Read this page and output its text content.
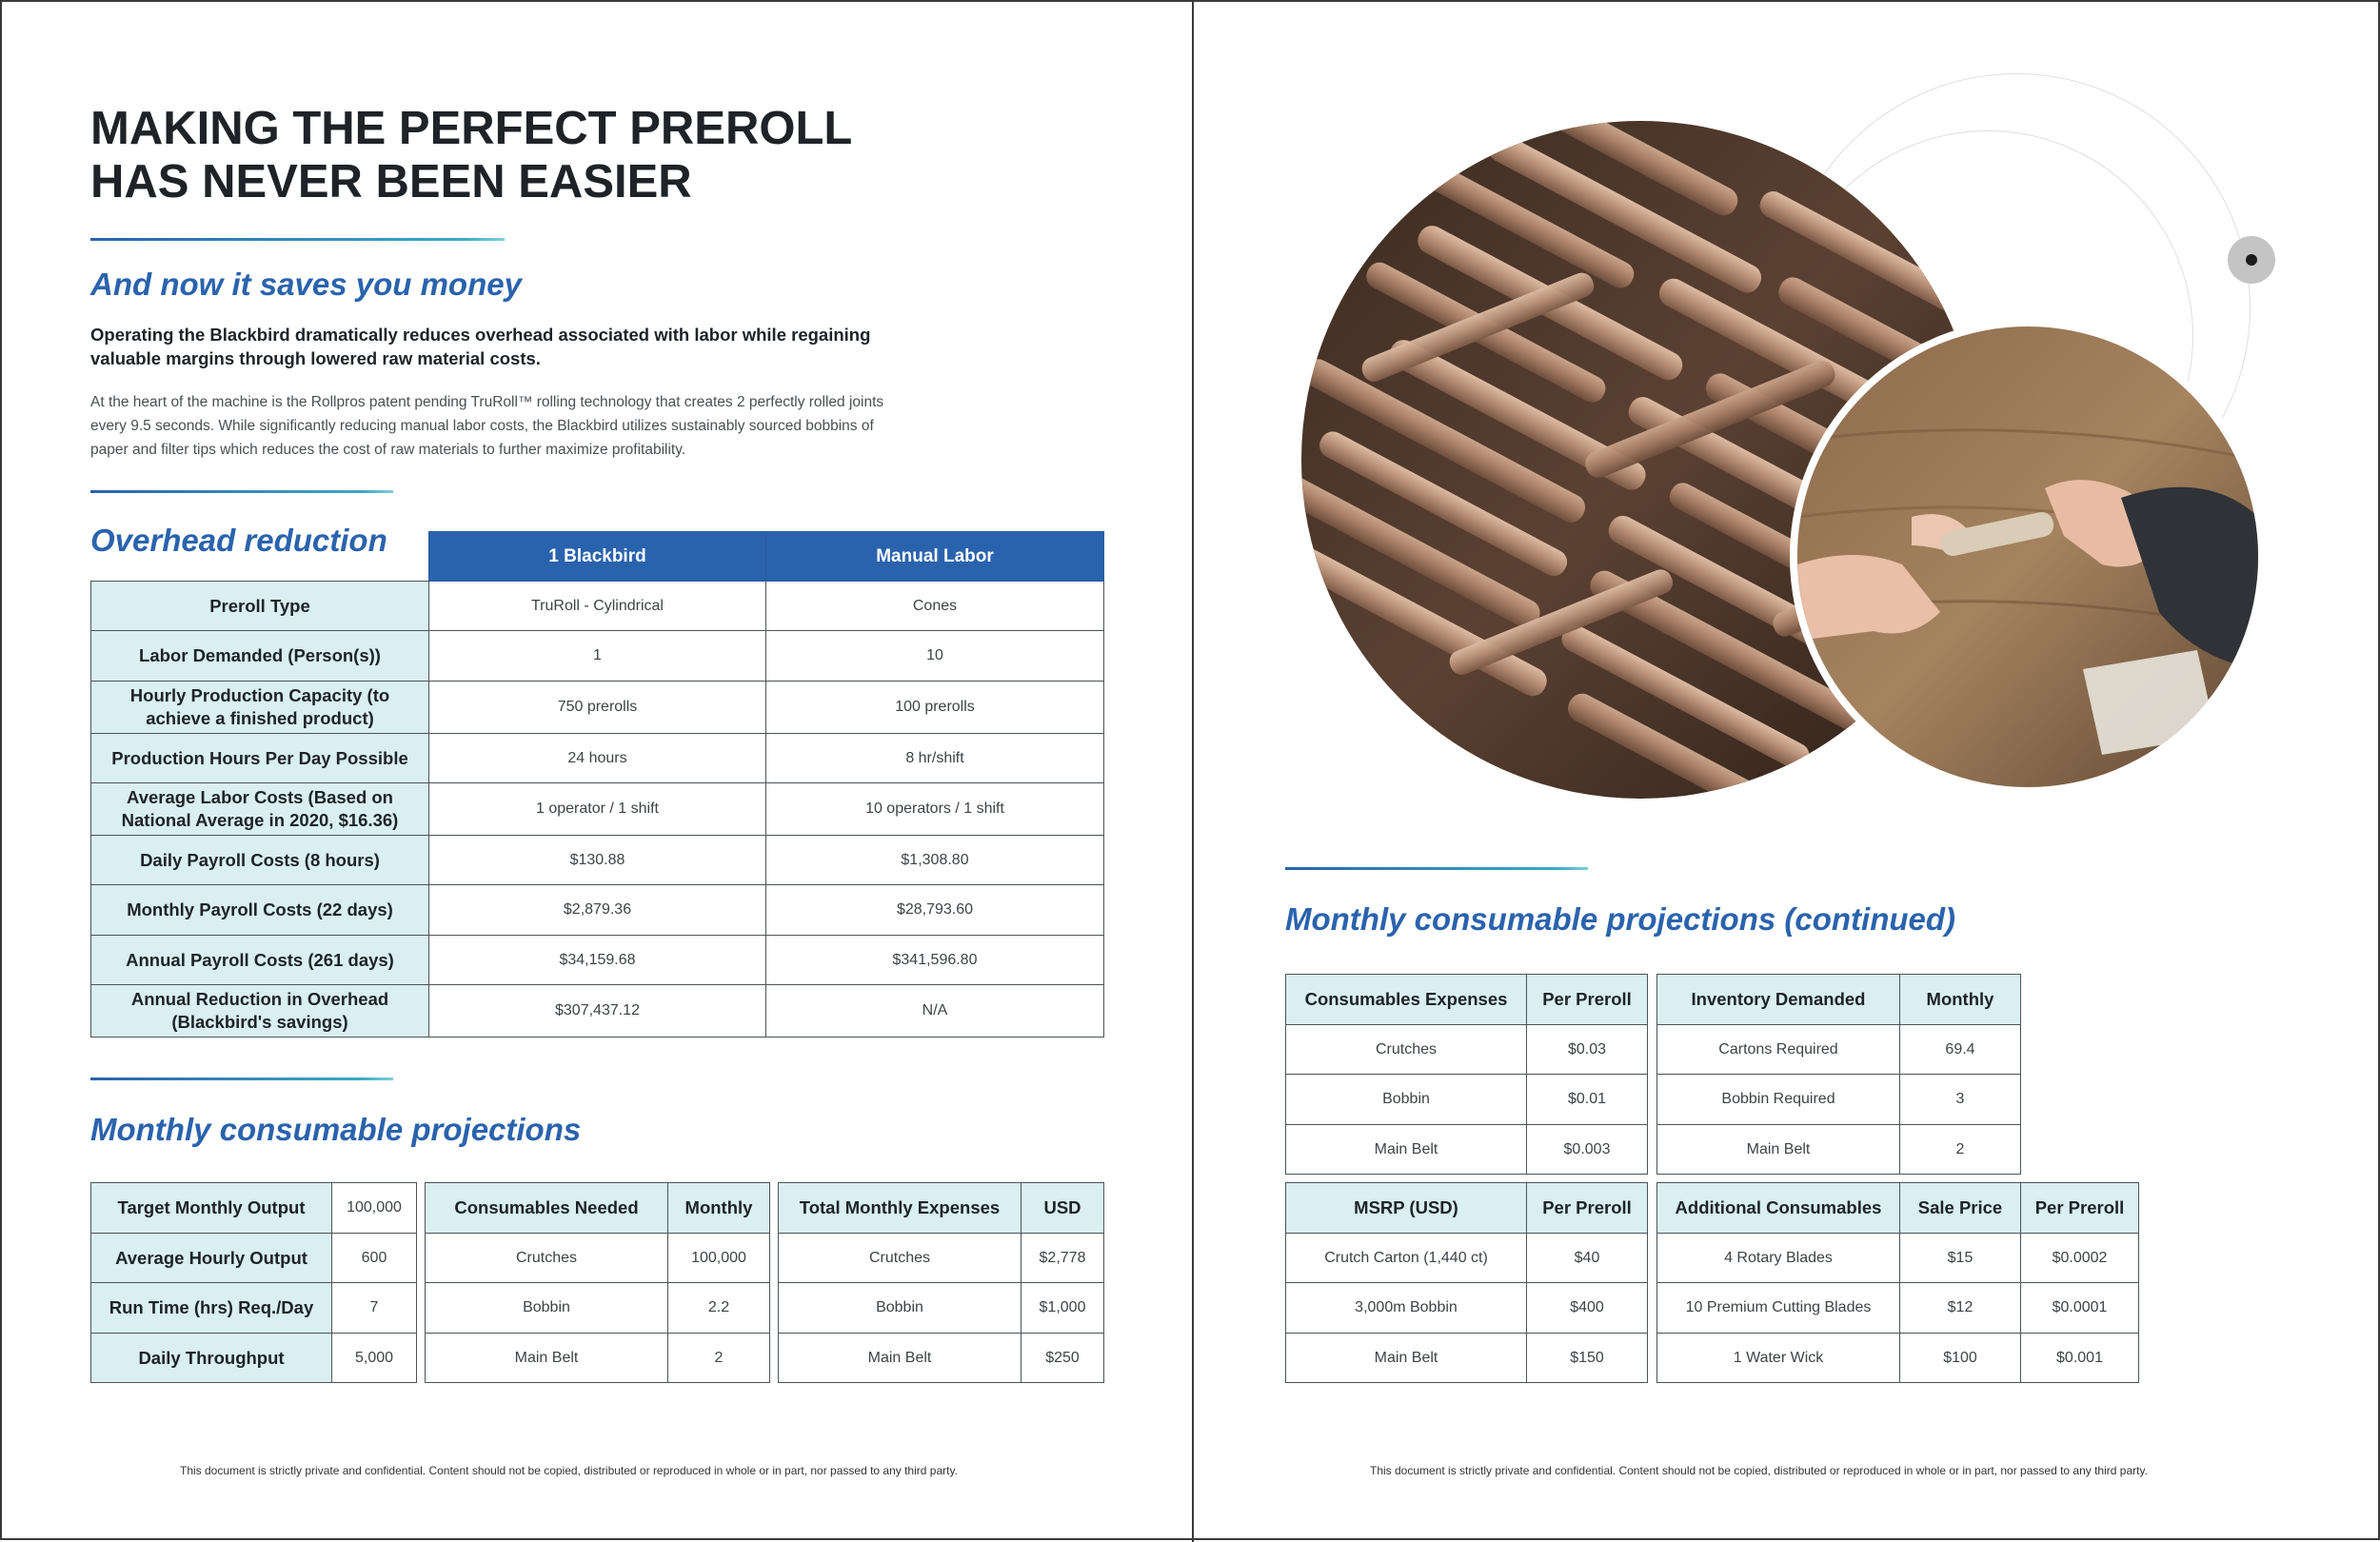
MAKING THE PERFECT PREROLL
HAS NEVER BEEN EASIER
And now it saves you money
Operating the Blackbird dramatically reduces overhead associated with labor while regaining valuable margins through lowered raw material costs.
At the heart of the machine is the Rollpros patent pending TruRoll™ rolling technology that creates 2 perfectly rolled joints every 9.5 seconds. While significantly reducing manual labor costs, the Blackbird utilizes sustainably sourced bobbins of paper and filter tips which reduces the cost of raw materials to further maximize profitability.
Overhead reduction
		1 Blackbird	Manual Labor
Preroll Type	TruRoll - Cylindrical	Cones
Labor Demanded (Person(s))	1	10
Hourly Production Capacity (to achieve a finished product)	750 prerolls	100 prerolls
Production Hours Per Day Possible	24 hours	8 hr/shift
Average Labor Costs (Based on National Average in 2020, $16.36)	1 operator / 1 shift	10 operators / 1 shift
Daily Payroll Costs (8 hours)	$130.88	$1,308.80
Monthly Payroll Costs (22 days)	$2,879.36	$28,793.60
Annual Payroll Costs (261 days)	$34,159.68	$341,596.80
Annual Reduction in Overhead (Blackbird's savings)	$307,437.12	N/A
Monthly consumable projections
Target Monthly Output	100,000
Average Hourly Output	600
Run Time (hrs) Req./Day	7
Daily Throughput	5,000
Consumables Needed	Monthly
Crutches	100,000
Bobbin	2.2
Main Belt	2
Total Monthly Expenses	USD
Crutches	$2,778
Bobbin	$1,000
Main Belt	$250
This document is strictly private and confidential. Content should not be copied, distributed or reproduced in whole or in part, nor passed to any third party.
Monthly consumable projections (continued)
Consumables Expenses	Per Preroll
Crutches	$0.03
Bobbin	$0.01
Main Belt	$0.003
Inventory Demanded	Monthly
Cartons Required	69.4
Bobbin Required	3
Main Belt	2
MSRP (USD)	Per Preroll
Crutch Carton (1,440 ct)	$40
3,000m Bobbin	$400
Main Belt	$150
Additional Consumables	Sale Price	Per Preroll
4 Rotary Blades	$15	$0.0002
10 Premium Cutting Blades	$12	$0.0001
1 Water Wick	$100	$0.001
This document is strictly private and confidential. Content should not be copied, distributed or reproduced in whole or in part, nor passed to any third party.
